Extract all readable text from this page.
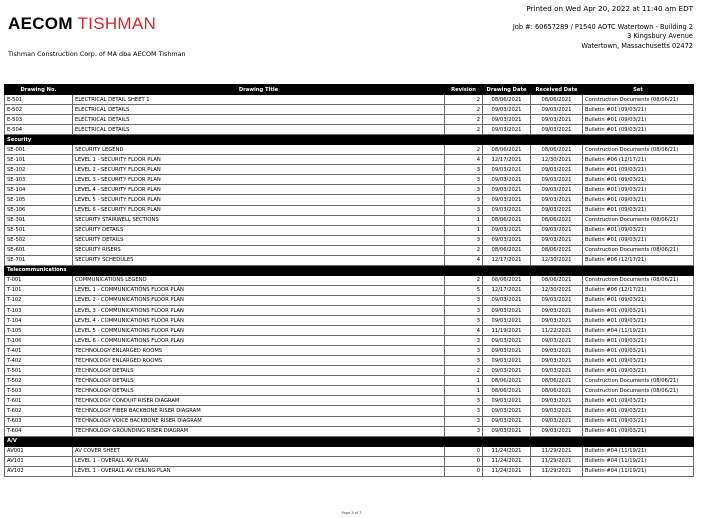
Printed on Wed Apr 20, 2022 at 11:40 am EDT
AECOM TISHMAN
Tishman Construction Corp. of MA dba AECOM Tishman
Job #: 60657289 / P1540 AOTC Watertown - Building 2
3 Kingsbury Avenue
Watertown, Massachusetts 02472
Drawing No.	Drawing Title	Revision	Drawing Date	Received Date	Set
E-501	ELECTRICAL DETAIL SHEET 1	2	08/06/2021	08/06/2021	Construction Documents (08/06/21)
E-502	ELECTRICAL DETAILS	2	09/03/2021	09/03/2021	Bulletin #01 (09/03/21)
E-503	ELECTRICAL DETAILS	2	09/03/2021	09/03/2021	Bulletin #01 (09/03/21)
E-504	ELECTRICAL DETAILS	2	09/03/2021	09/03/2021	Bulletin #01 (09/03/21)
Security					
SE-001	SECURITY LEGEND	2	08/06/2021	08/06/2021	Construction Documents (08/06/21)
SE-101	LEVEL 1 - SECURITY FLOOR PLAN	4	12/17/2021	12/30/2021	Bulletin #06 (12/17/21)
SE-102	LEVEL 2 - SECURITY FLOOR PLAN	3	09/03/2021	09/03/2021	Bulletin #01 (09/03/21)
SE-103	LEVEL 3 - SECURITY FLOOR PLAN	3	09/03/2021	09/03/2021	Bulletin #01 (09/03/21)
SE-104	LEVEL 4 - SECURITY FLOOR PLAN	3	09/03/2021	09/03/2021	Bulletin #01 (09/03/21)
SE-105	LEVEL 5 - SECURITY FLOOR PLAN	3	09/03/2021	09/03/2021	Bulletin #01 (09/03/21)
SE-106	LEVEL 6 - SECURITY FLOOR PLAN	3	09/03/2021	09/03/2021	Bulletin #01 (09/03/21)
SE-301	SECURITY STAIRWELL SECTIONS	1	08/06/2021	08/06/2021	Construction Documents (08/06/21)
SE-501	SECURITY DETAILS	1	09/03/2021	09/03/2021	Bulletin #01 (09/03/21)
SE-502	SECURITY DETAILS	3	09/03/2021	09/03/2021	Bulletin #01 (09/03/21)
SE-601	SECURITY RISERS	2	08/06/2021	08/06/2021	Construction Documents (08/06/21)
SE-701	SECURITY SCHEDULES	4	12/17/2021	12/30/2021	Bulletin #06 (12/17/21)
Telecommunications					
T-001	COMMUNICATIONS LEGEND	2	08/06/2021	08/06/2021	Construction Documents (08/06/21)
T-101	LEVEL 1 - COMMUNICATIONS FLOOR PLAN	5	12/17/2021	12/30/2021	Bulletin #06 (12/17/21)
T-102	LEVEL 2 - COMMUNICATIONS FLOOR PLAN	3	09/03/2021	09/03/2021	Bulletin #01 (09/03/21)
T-103	LEVEL 3 - COMMUNICATIONS FLOOR PLAN	3	09/03/2021	09/03/2021	Bulletin #01 (09/03/21)
T-104	LEVEL 4 - COMMUNICATIONS FLOOR PLAN	3	09/03/2021	09/03/2021	Bulletin #01 (09/03/21)
T-105	LEVEL 5 - COMMUNICATIONS FLOOR PLAN	4	11/19/2021	11/22/2021	Bulletin #04 (11/19/21)
T-106	LEVEL 6 - COMMUNICATIONS FLOOR PLAN	3	09/03/2021	09/03/2021	Bulletin #01 (09/03/21)
T-401	TECHNOLOGY ENLARGED ROOMS	3	09/03/2021	09/03/2021	Bulletin #01 (09/03/21)
T-402	TECHNOLOGY ENLARGED ROOMS	3	09/03/2021	09/03/2021	Bulletin #01 (09/03/21)
T-501	TECHNOLOGY DETAILS	2	09/03/2021	09/03/2021	Bulletin #01 (09/03/21)
T-502	TECHNOLOGY DETAILS	1	08/06/2021	08/06/2021	Construction Documents (08/06/21)
T-503	TECHNOLOGY DETAILS	1	08/06/2021	08/06/2021	Construction Documents (08/06/21)
T-601	TECHNOLOGY CONDUIT RISER DIAGRAM	3	09/03/2021	09/03/2021	Bulletin #01 (09/03/21)
T-602	TECHNOLOGY FIBER BACKBONE RISER DIAGRAM	3	09/03/2021	09/03/2021	Bulletin #01 (09/03/21)
T-603	TECHNOLOGY VOICE BACKBONE RISER DIAGRAM	3	09/03/2021	09/03/2021	Bulletin #01 (09/03/21)
T-604	TECHNOLOGY GROUNDING RISER DIAGRAM	3	09/03/2021	09/03/2021	Bulletin #01 (09/03/21)
A/V					
AV001	AV COVER SHEET	0	11/24/2021	11/29/2021	Bulletin #04 (11/19/21)
AV101	LEVEL 1 - OVERALL AV PLAN	0	11/24/2021	11/29/2021	Bulletin #04 (11/19/21)
AV102	LEVEL 1 - OVERALL AV CEILING PLAN	0	11/24/2021	11/29/2021	Bulletin #04 (11/19/21)
Page 3 of 7
